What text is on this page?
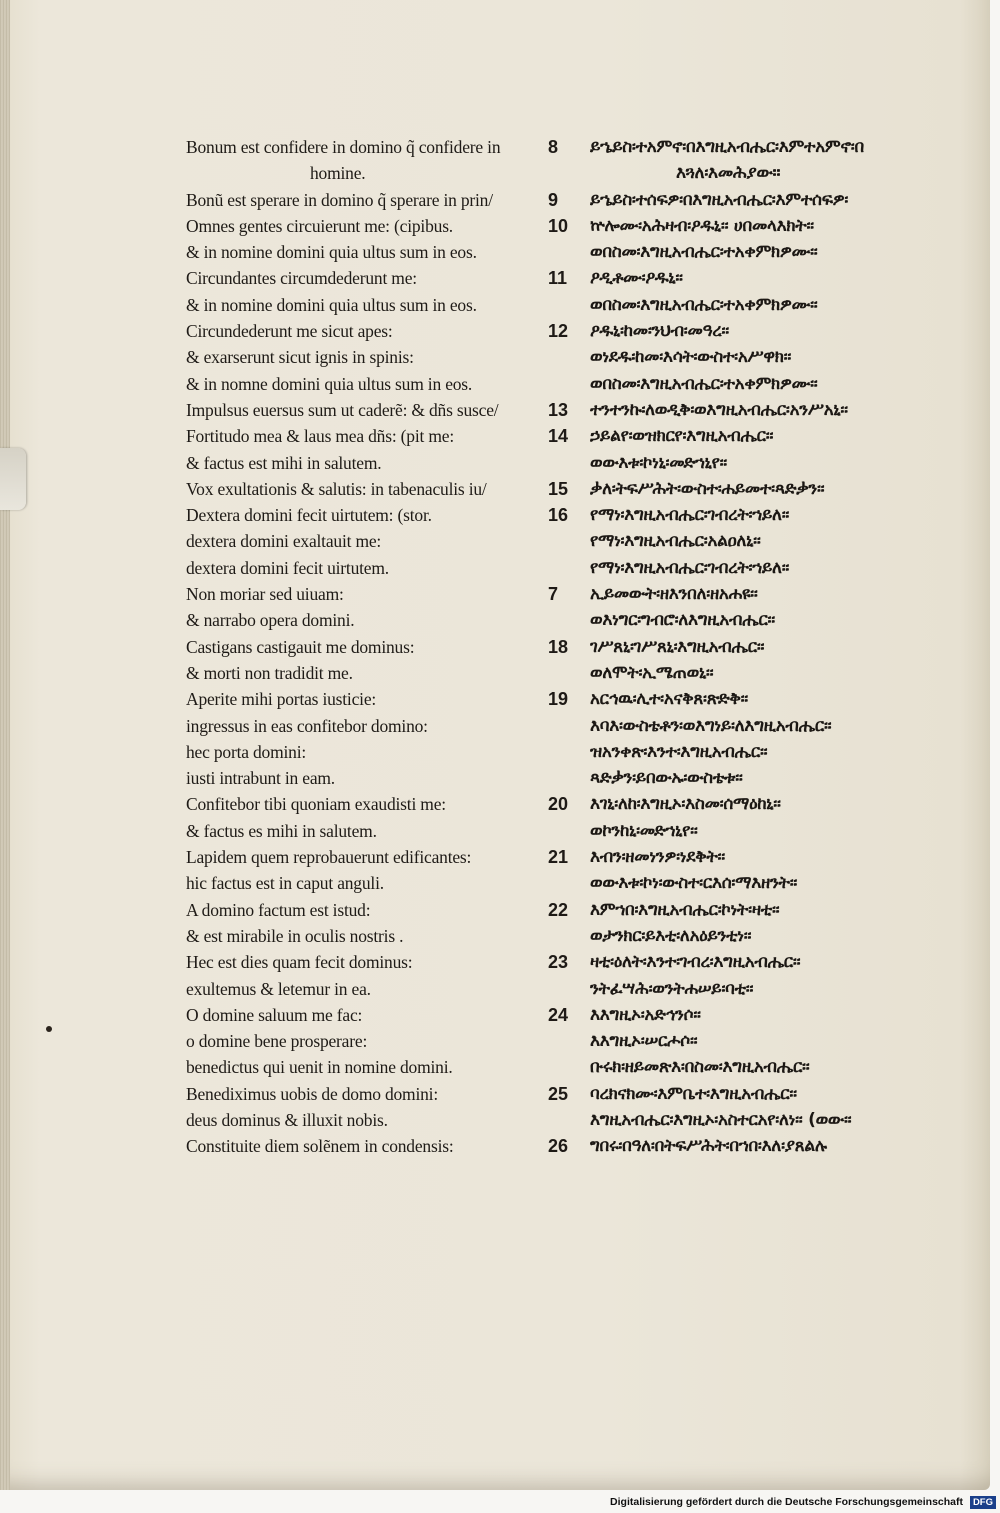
Bonum est confidere in domino q̃ confidere in
homine.
Bonũ est sperare in domino q̃ sperare in prin/
Omnes gentes circuierunt me: (cipibus.
& in nomine domini quia ultus sum in eos.
Circundantes circumdederunt me:
& in nomine domini quia ultus sum in eos.
Circundederunt me sicut apes:
& exarserunt sicut ignis in spinis:
& in nomne domini quia ultus sum in eos.
Impulsus euersus sum ut caderẽ: & dñs susce/
Fortitudo mea & laus mea dñs: (pit me:
& factus est mihi in salutem.
Vox exultationis & salutis: in tabenaculis iu/
Dextera domini fecit uirtutem: (stor.
dextera domini exaltauit me:
dextera domini fecit uirtutem.
Non moriar sed uiuam:
& narrabo opera domini.
Castigans castigauit me dominus:
& morti non tradidit me.
Aperite mihi portas iusticie:
ingressus in eas confitebor domino:
hec porta domini:
iusti intrabunt in eam.
Confitebor tibi quoniam exaudisti me:
& factus es mihi in salutem.
Lapidem quem reprobauerunt edificantes:
hic factus est in caput anguli.
A domino factum est istud:
& est mirabile in oculis nostris .
Hec est dies quam fecit dominus:
exultemus & letemur in ea.
O domine saluum me fac:
o domine bene prosperare:
benedictus qui uenit in nomine domini.
Benediximus uobis de domo domini:
deus dominus & illuxit nobis.
Constituite diem solẽnem in condensis:
8
9
10
11
12
13
14
15
16
7
18
19
20
21
22
23
24
25
26
ይኄይስ፡ተአምኖ፡በእግዚአብሔር፡እምተአምኖ፡በ
እጓለ፡እመሕያው።
ይኄይስ፡ተሰፍዎ፡በእግዚአብሔር፡እምተሰፍዎ፡
ኵሎሙ፡አሕዛብ፡ዖዱኒ፡፡ ሀበመላእክት፡፡
ወበስመ፡እግዚአብሔር፡ተአቀምክዎሙ፡፡
ዖዲቶሙ፡ዖዱኒ፡፡
ወበስመ፡እግዚአብሔር፡ተአቀምክዎሙ፡፡
ዖዱኒ፡ከመ፡ንህብ፡መዓረ፡፡
ወነደዱ፡ከመ፡እሳት፡ውስተ፡አሥዋክ፡፡
ወበስመ፡እግዚአብሔር፡ተአቀምክዎሙ፡፡
ተንተንኩ፡ለወዲቅ፡ወእግዚአብሔር፡አንሥአኒ፡፡
ኃይልየ፡ወዝክርየ፡እግዚአብሔር፡፡
ወውእቱ፡ኮነኒ፡መድኀኒየ፡፡
ቃለ፡ትፍሥሕት፡ውስተ፡ሐይመተ፡ጻድቃን፡፡
የማነ፡እግዚአብሔር፡ገብረት፡ኀይለ፡፡
የማነ፡እግዚአብሔር፡አልዐለኒ፡፡
የማነ፡እግዚአብሔር፡ገብረት፡ኀይለ፡፡
ኢይመውት፡ዘእንበለ፡ዘአሐዩ፡፡
ወእነግር፡ግብሮ፡ለእግዚአብሔር፡፡
ገሥጸኒ፡ገሥጸኒ፡እግዚአብሔር፡፡
ወለሞት፡ኢሜጠወኒ፡፡
አርኅዉ፡ሊተ፡አናቅጸ፡ጽድቅ፡፡
እባእ፡ውስቴቶን፡ወእግነይ፡ለእግዚአብሔር፡፡
ዝአንቀጽ፡እንተ፡እግዚአብሔር፡፡
ጻድቃን፡ይበውኡ፡ውስቴቱ፡፡
እገኒ፡ለከ፡እግዚኦ፡እስመ፡ሰማዕከኒ፡፡
ወኮንከኒ፡መድኀኒየ፡፡
እብን፡ዘመነንዎ፡ነደቅት፡፡
ወውእቱ፡ኮነ፡ውስተ፡ርእሰ፡ማእዘንት፡፡
እምኀበ፡እግዚአብሔር፡ኮነት፡ዛቲ፡፡
ወታንክር፡ይእቲ፡ለአዕይንቲነ፡፡
ዛቲ፡ዕለት፡እንተ፡ገብረ፡እግዚአብሔር፡፡
ንትፈሣሕ፡ወንትሐሠይ፡ባቲ፡፡
እእግዚኦ፡አድኅንሶ፡፡
እእግዚኦ፡ሠርሖሶ፡፡
ቡሩክ፡ዘይመጽእ፡በስመ፡እግዚአብሔር፡፡
ባረክናክሙ፡እምቤተ፡እግዚአብሔር፡፡
እግዚአብሔር፡እግዚኦ፡አስተርአየ፡ለነ፡፡ (ወው፡፡
ግበሩ፡በዓለ፡በትፍሥሕት፡በኀበ፡እለ፡ያጸልሉ
Digitalisierung gefördert durch die Deutsche Forschungsgemeinschaft DFG
